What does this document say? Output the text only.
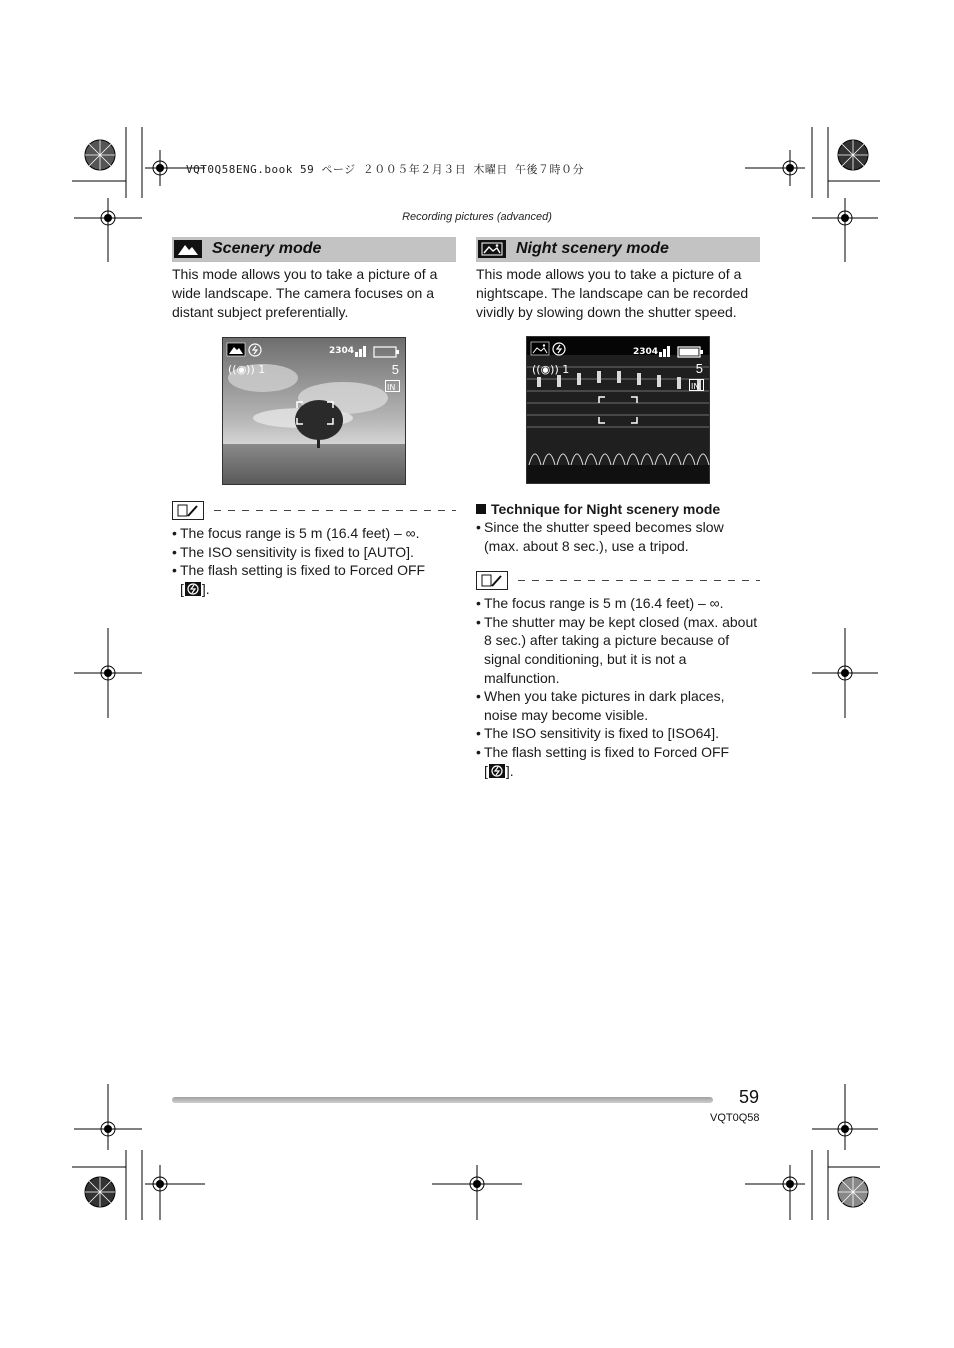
VQT0Q58ENG.book 59 ページ ２００５年２月３日 木曜日 午後７時０分
Recording pictures (advanced)
Scenery mode

This mode allows you to take a picture of a wide landscape. The camera focuses on a distant subject preferentially.

2304
((◉)) 1	5
IN
• The focus range is 5 m (16.4 feet) – ∞.
• The ISO sensitivity is fixed to [AUTO].
• The flash setting is fixed to Forced OFF
[ ].
Night scenery mode

This mode allows you to take a picture of a nightscape. The landscape can be recorded vividly by slowing down the shutter speed.

2304
((◉)) 1	5
IN
Technique for Night scenery mode
• Since the shutter speed becomes slow (max. about 8 sec.), use a tripod.
• The focus range is 5 m (16.4 feet) – ∞.
• The shutter may be kept closed (max. about 8 sec.) after taking a picture because of signal conditioning, but it is not a malfunction.
• When you take pictures in dark places, noise may become visible.
• The ISO sensitivity is fixed to [ISO64].
• The flash setting is fixed to Forced OFF
[ ].
59
VQT0Q58
